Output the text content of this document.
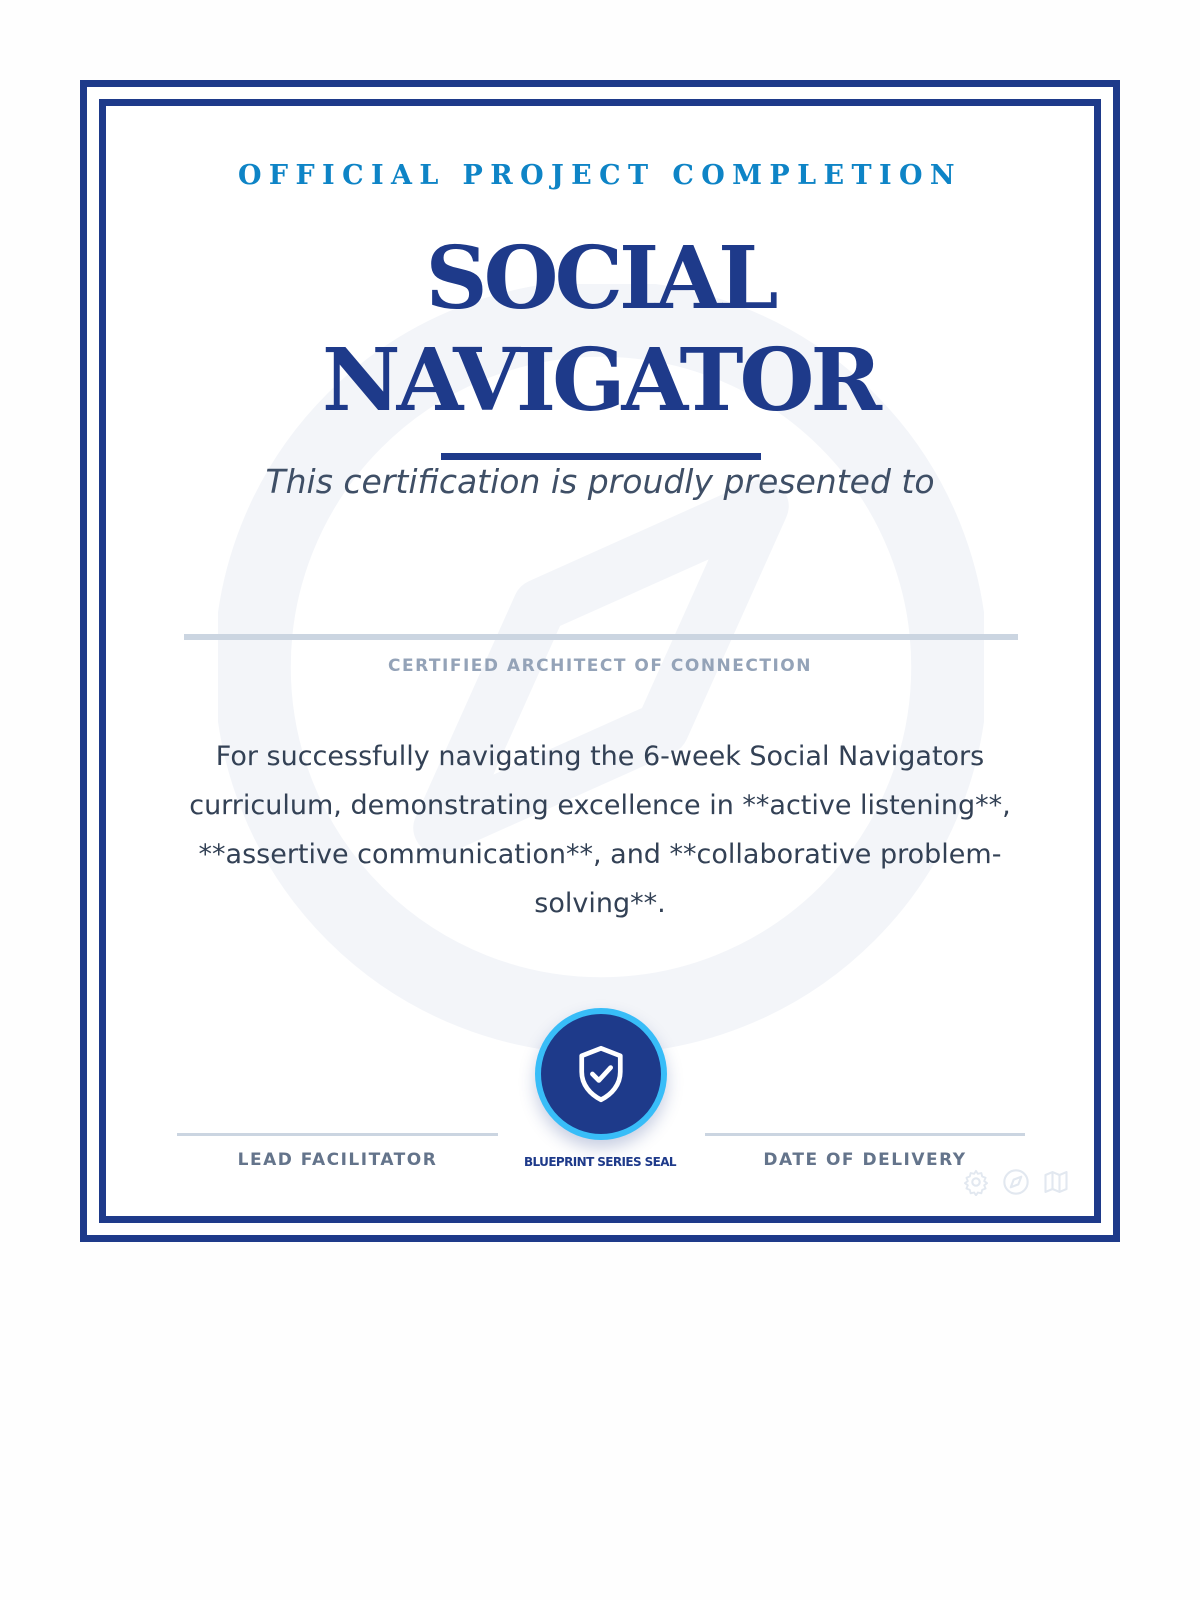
OFFICIAL PROJECT COMPLETION
SOCIAL
NAVIGATOR
This certification is proudly presented to
CERTIFIED ARCHITECT OF CONNECTION
For successfully navigating the 6-week Social Navigators curriculum, demonstrating excellence in **active listening**, **assertive communication**, and **collaborative problem-solving**.
LEAD FACILITATOR	DATE OF DELIVERY
BLUEPRINT SERIES SEAL
